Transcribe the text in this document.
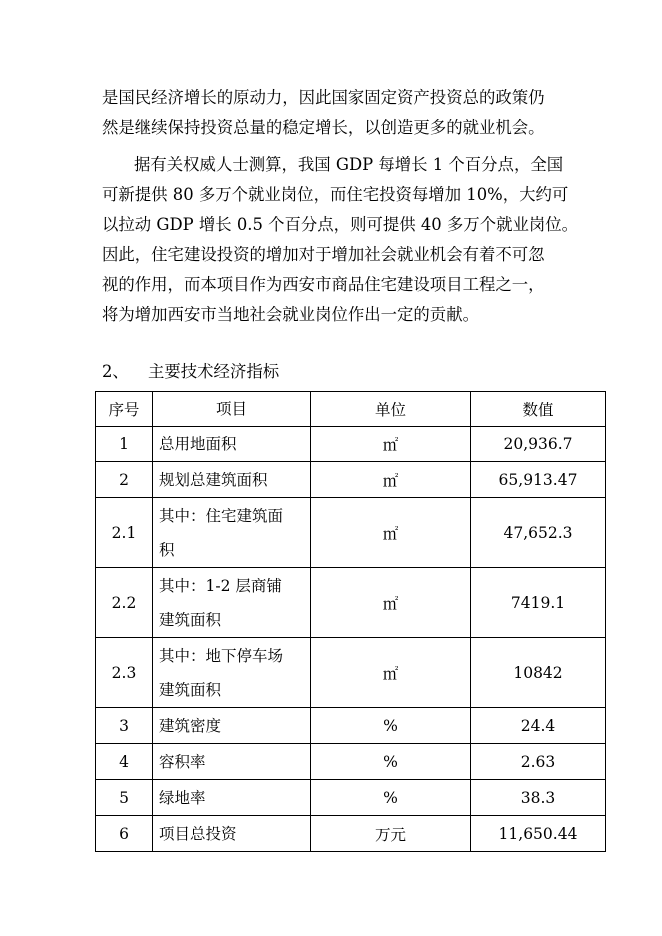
是国民经济增长的原动力，因此国家固定资产投资总的政策仍
然是继续保持投资总量的稳定增长，以创造更多的就业机会。
据有关权威人士测算，我国 GDP 每增长 1 个百分点，全国
可新提供 80 多万个就业岗位，而住宅投资每增加 10%，大约可
以拉动 GDP 增长 0.5 个百分点，则可提供 40 多万个就业岗位。
因此，住宅建设投资的增加对于增加社会就业机会有着不可忽
视的作用，而本项目作为西安市商品住宅建设项目工程之一，
将为增加西安市当地社会就业岗位作出一定的贡献。
2、 主要技术经济指标
序号	项目	单位	数值
1	总用地面积	㎡	20,936.7
2	规划总建筑面积	㎡	65,913.47
2.1	其中：住宅建筑面
积	㎡	47,652.3
2.2	其中：1-2 层商铺
建筑面积	㎡	7419.1
2.3	其中：地下停车场
建筑面积	㎡	10842
3	建筑密度	%	24.4
4	容积率	%	2.63
5	绿地率	%	38.3
6	项目总投资	万元	11,650.44
